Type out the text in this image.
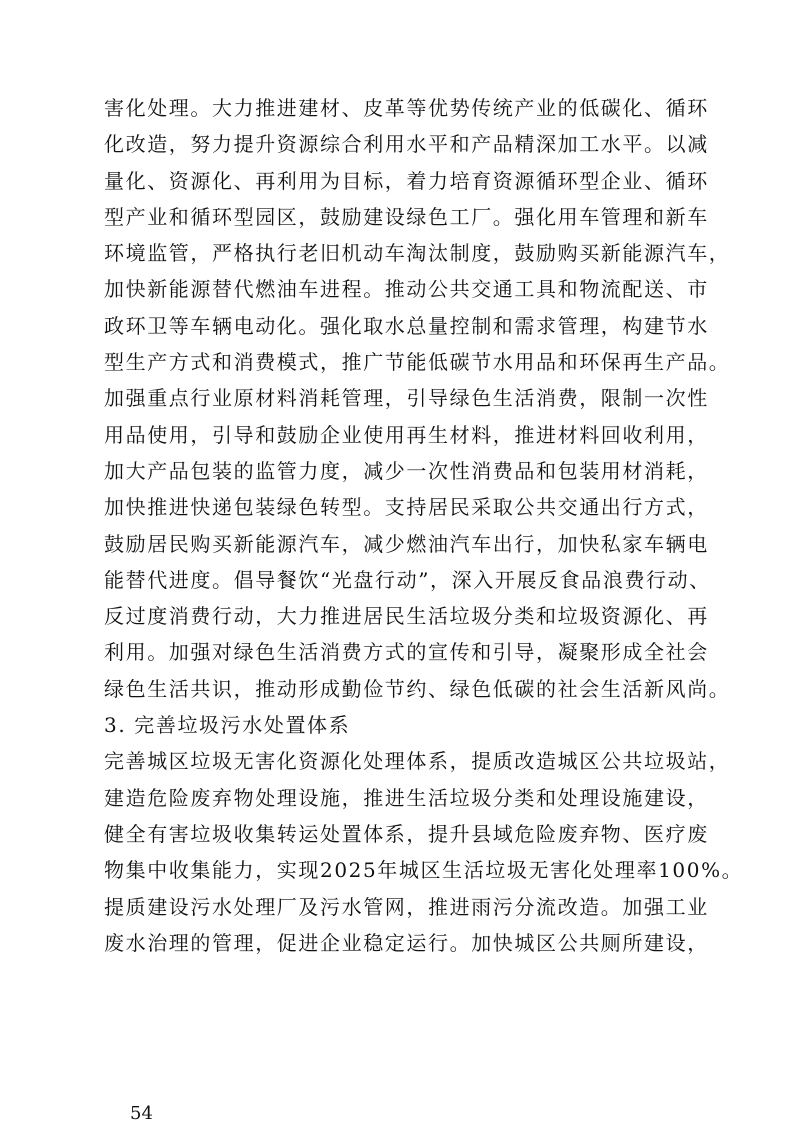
害化处理。大力推进建材、皮革等优势传统产业的低碳化、循环
化改造，努力提升资源综合利用水平和产品精深加工水平。以减
量化、资源化、再利用为目标，着力培育资源循环型企业、循环
型产业和循环型园区，鼓励建设绿色工厂。强化用车管理和新车
环境监管，严格执行老旧机动车淘汰制度，鼓励购买新能源汽车，
加快新能源替代燃油车进程。推动公共交通工具和物流配送、市
政环卫等车辆电动化。强化取水总量控制和需求管理，构建节水
型生产方式和消费模式，推广节能低碳节水用品和环保再生产品。
加强重点行业原材料消耗管理，引导绿色生活消费，限制一次性
用品使用，引导和鼓励企业使用再生材料，推进材料回收利用，
加大产品包装的监管力度，减少一次性消费品和包装用材消耗，
加快推进快递包装绿色转型。支持居民采取公共交通出行方式，
鼓励居民购买新能源汽车，减少燃油汽车出行，加快私家车辆电
能替代进度。倡导餐饮“光盘行动”，深入开展反食品浪费行动、
反过度消费行动，大力推进居民生活垃圾分类和垃圾资源化、再
利用。加强对绿色生活消费方式的宣传和引导，凝聚形成全社会
绿色生活共识，推动形成勤俭节约、绿色低碳的社会生活新风尚。
3. 完善垃圾污水处置体系
完善城区垃圾无害化资源化处理体系，提质改造城区公共垃圾站，
建造危险废弃物处理设施，推进生活垃圾分类和处理设施建设，
健全有害垃圾收集转运处置体系，提升县域危险废弃物、医疗废
物集中收集能力，实现2025年城区生活垃圾无害化处理率100%。
提质建设污水处理厂及污水管网，推进雨污分流改造。加强工业
废水治理的管理，促进企业稳定运行。加快城区公共厕所建设，
54
